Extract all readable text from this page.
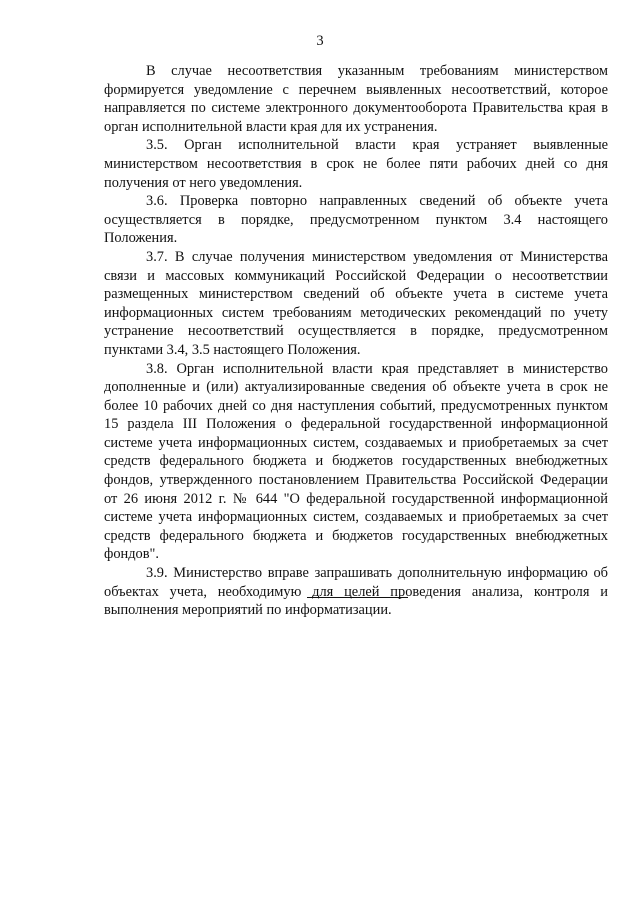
3

В случае несоответствия указанным требованиям министерством формируется уведомление с перечнем выявленных несоответствий, которое направляется по системе электронного документооборота Правительства края в орган исполнительной власти края для их устранения.

3.5. Орган исполнительной власти края устраняет выявленные министерством несоответствия в срок не более пяти рабочих дней со дня получения от него уведомления.

3.6. Проверка повторно направленных сведений об объекте учета осуществляется в порядке, предусмотренном пунктом 3.4 настоящего Положения.

3.7. В случае получения министерством уведомления от Министерства связи и массовых коммуникаций Российской Федерации о несоответствии размещенных министерством сведений об объекте учета в системе учета информационных систем требованиям методических рекомендаций по учету устранение несоответствий осуществляется в порядке, предусмотренном пунктами 3.4, 3.5 настоящего Положения.

3.8. Орган исполнительной власти края представляет в министерство дополненные и (или) актуализированные сведения об объекте учета в срок не более 10 рабочих дней со дня наступления событий, предусмотренных пунктом 15 раздела III Положения о федеральной государственной информационной системе учета информационных систем, создаваемых и приобретаемых за счет средств федерального бюджета и бюджетов государственных внебюджетных фондов, утвержденного постановлением Правительства Российской Федерации от 26 июня 2012 г. № 644 "О федеральной государственной информационной системе учета информационных систем, создаваемых и приобретаемых за счет средств федерального бюджета и бюджетов государственных внебюджетных фондов".

3.9. Министерство вправе запрашивать дополнительную информацию об объектах учета, необходимую для целей проведения анализа, контроля и выполнения мероприятий по информатизации.
